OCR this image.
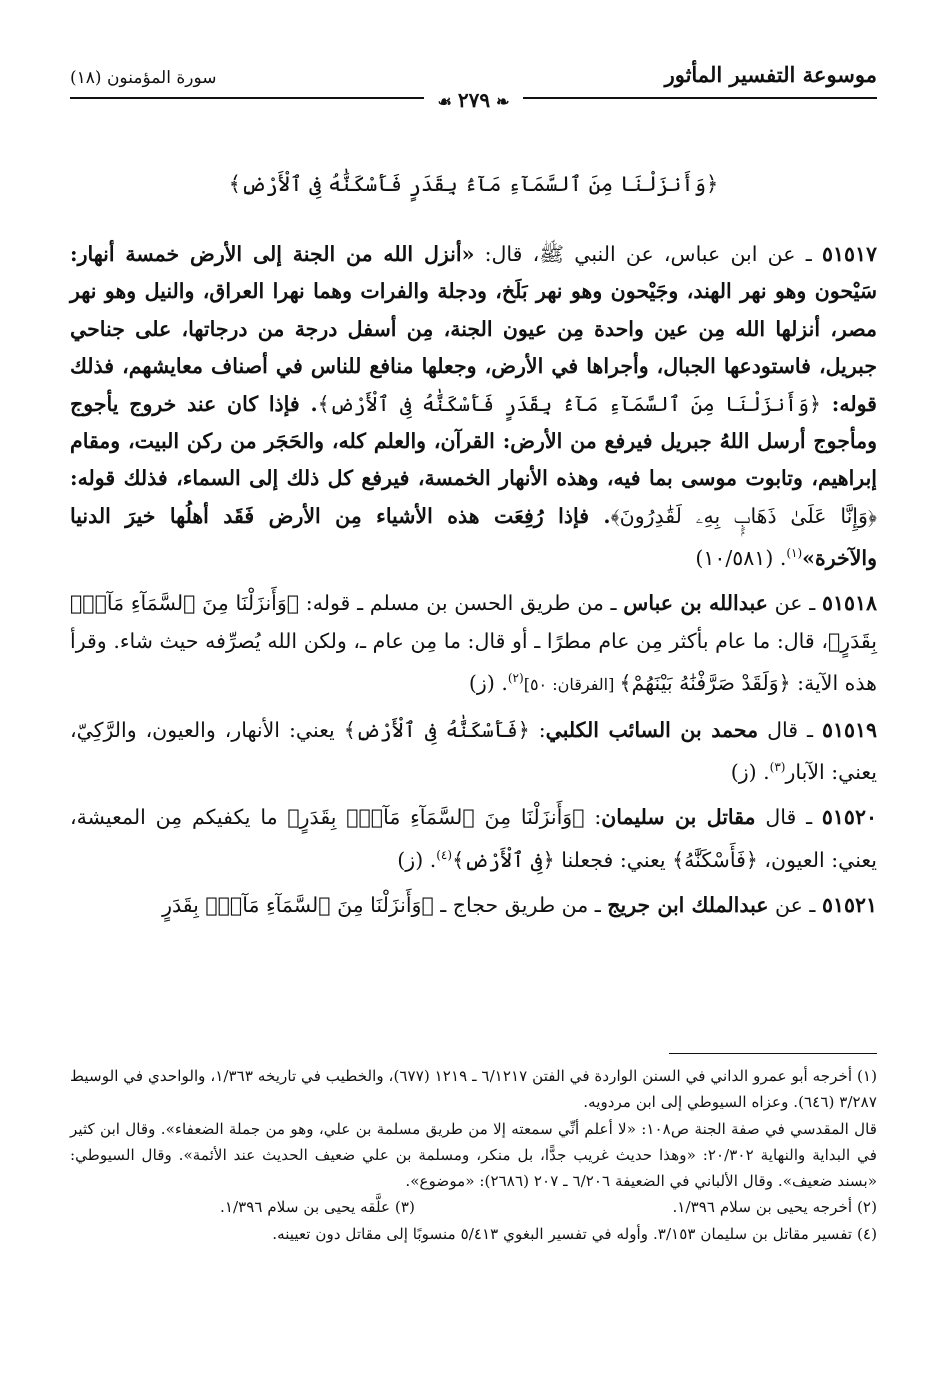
موسوعة التفسير المأثور
سورة المؤمنون (١٨)
❧٢٧٩☙
﴿وَأَنزَلْنَا مِنَ ٱلسَّمَآءِ مَآءَۢ بِقَدَرٍ فَأَسْكَنَّٰهُ فِى ٱلْأَرْضِ﴾

٥١٥١٧ ـ عن ابن عباس، عن النبي ﷺ، قال: «أنزل الله من الجنة إلى الأرض خمسة أنهار: سَيْحون وهو نهر الهند، وجَيْحون وهو نهر بَلَخ، ودجلة والفرات وهما نهرا العراق، والنيل وهو نهر مصر، أنزلها الله مِن عين واحدة مِن عيون الجنة، مِن أسفل درجة من درجاتها، على جناحي جبريل، فاستودعها الجبال، وأجراها في الأرض، وجعلها منافع للناس في أصناف معايشهم، فذلك قوله: ﴿وَأَنزَلْنَا مِنَ ٱلسَّمَآءِ مَآءَۢ بِقَدَرٍ فَأَسْكَنَّٰهُ فِى ٱلْأَرْضِ﴾. فإذا كان عند خروج يأجوج ومأجوج أرسل اللهُ جبريل فيرفع من الأرض: القرآن، والعلم كله، والحَجَر من ركن البيت، ومقام إبراهيم، وتابوت موسى بما فيه، وهذه الأنهار الخمسة، فيرفع كل ذلك إلى السماء، فذلك قوله: ﴿وَإِنَّا عَلَىٰ ذَهَابٍۭ بِهِۦ لَقَٰدِرُونَ﴾. فإذا رُفِعَت هذه الأشياء مِن الأرض فَقَد أهلُها خيرَ الدنيا والآخرة»$^{(١)}$. (١٠/٥٨١)

٥١٥١٨ ـ عن عبدالله بن عباس ـ من طريق الحسن بن مسلم ـ قوله: ﴿وَأَنزَلْنَا مِنَ ٱلسَّمَآءِ مَآءَۢ بِقَدَرٍ﴾، قال: ما عام بأكثر مِن عام مطرًا ـ أو قال: ما مِن عام ـ، ولكن الله يُصرِّفه حيث شاء. وقرأ هذه الآية: ﴿وَلَقَدْ صَرَّفْنَٰهُ بَيْنَهُمْ﴾ [الفرقان: ٥٠]$^{(٢)}$. (ز)

٥١٥١٩ ـ قال محمد بن السائب الكلبي: ﴿فَأَسْكَنَّٰهُ فِى ٱلْأَرْضِ﴾ يعني: الأنهار، والعيون، والرَّكِيّ، يعني: الآبار$^{(٣)}$. (ز)

٥١٥٢٠ ـ قال مقاتل بن سليمان: ﴿وَأَنزَلْنَا مِنَ ٱلسَّمَآءِ مَآءَۢ بِقَدَرٍ﴾ ما يكفيكم مِن المعيشة، يعني: العيون، ﴿فَأَسْكَنَّٰهُ﴾ يعني: فجعلنا ﴿فِى ٱلْأَرْضِ﴾$^{(٤)}$. (ز)

٥١٥٢١ ـ عن عبدالملك ابن جريج ـ من طريق حجاج ـ ﴿وَأَنزَلْنَا مِنَ ٱلسَّمَآءِ مَآءَۢ بِقَدَرٍ

(١) أخرجه أبو عمرو الداني في السنن الواردة في الفتن ٦/١٢١٧ ـ ١٢١٩ (٦٧٧)، والخطيب في تاريخه ١/٣٦٣، والواحدي في الوسيط ٣/٢٨٧ (٦٤٦). وعزاه السيوطي إلى ابن مردويه.

قال المقدسي في صفة الجنة ص١٠٨: «لا أعلم أنِّي سمعته إلا من طريق مسلمة بن علي، وهو من جملة الضعفاء». وقال ابن كثير في البداية والنهاية ٢٠/٣٠٢: «وهذا حديث غريب جدًّا، بل منكر، ومسلمة بن علي ضعيف الحديث عند الأئمة». وقال السيوطي: «بسند ضعيف». وقال الألباني في الضعيفة ٦/٢٠٦ ـ ٢٠٧ (٢٦٨٦): «موضوع».

(٢) أخرجه يحيى بن سلام ١/٣٩٦.

(٣) علَّقه يحيى بن سلام ١/٣٩٦.

(٤) تفسير مقاتل بن سليمان ٣/١٥٣. وأوله في تفسير البغوي ٥/٤١٣ منسوبًا إلى مقاتل دون تعيينه.
